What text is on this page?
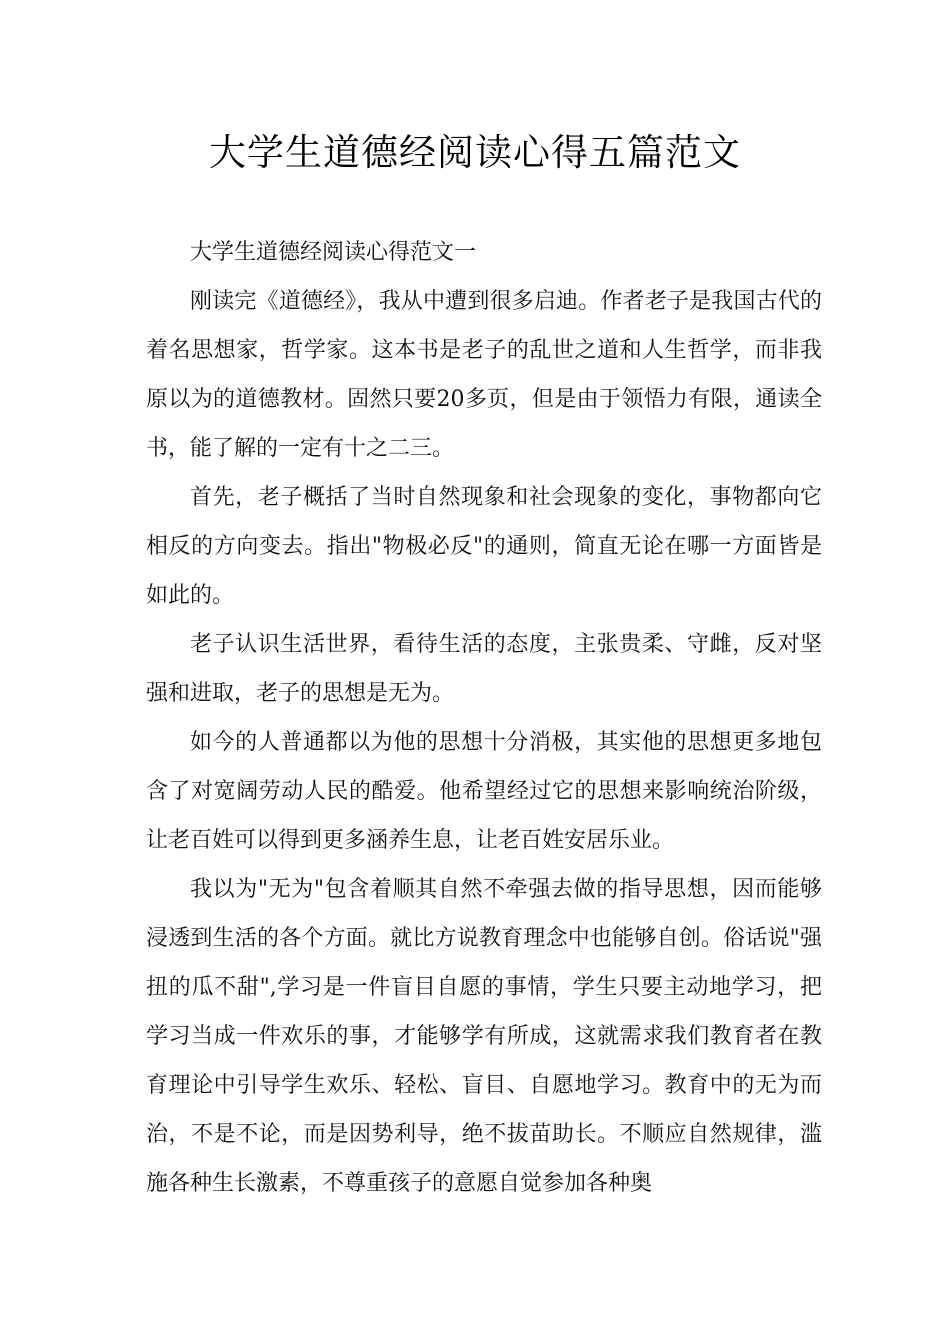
大学生道德经阅读心得五篇范文

大学生道德经阅读心得范文一

刚读完《道德经》，我从中遭到很多启迪。作者老子是我国古代的着名思想家，哲学家。这本书是老子的乱世之道和人生哲学，而非我原以为的道德教材。固然只要20多页，但是由于领悟力有限，通读全书，能了解的一定有十之二三。

首先，老子概括了当时自然现象和社会现象的变化，事物都向它相反的方向变去。指出"物极必反"的通则，简直无论在哪一方面皆是如此的。

老子认识生活世界，看待生活的态度，主张贵柔、守雌，反对坚强和进取，老子的思想是无为。

如今的人普通都以为他的思想十分消极，其实他的思想更多地包含了对宽阔劳动人民的酷爱。他希望经过它的思想来影响统治阶级，让老百姓可以得到更多涵养生息，让老百姓安居乐业。

我以为"无为"包含着顺其自然不牵强去做的指导思想，因而能够浸透到生活的各个方面。就比方说教育理念中也能够自创。俗话说"强扭的瓜不甜",学习是一件盲目自愿的事情，学生只要主动地学习，把学习当成一件欢乐的事，才能够学有所成，这就需求我们教育者在教育理论中引导学生欢乐、轻松、盲目、自愿地学习。教育中的无为而治，不是不论，而是因势利导，绝不拔苗助长。不顺应自然规律，滥施各种生长激素，不尊重孩子的意愿自觉参加各种奥
